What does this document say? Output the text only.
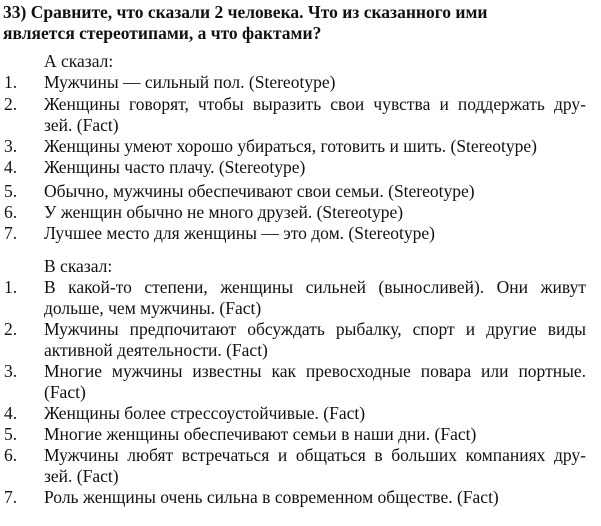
33) Сравните, что сказали 2 человека. Что из сказанного ими
является стереотипами, а что фактами?
А сказал:
1.	Мужчины — сильный пол. (Stereotype)
2.	Женщины говорят, чтобы выразить свои чувства и поддержать дру-
зей. (Fact)
3.	Женщины умеют хорошо убираться, готовить и шить. (Stereotype)
4.	Женщины часто плачу. (Stereotype)
5.	Обычно, мужчины обеспечивают свои семьи. (Stereotype)
6.	У женщин обычно не много друзей. (Stereotype)
7.	Лучшее место для женщины — это дом. (Stereotype)
В сказал:
1.	В какой-то степени, женщины сильней (выносливей). Они живут
дольше, чем мужчины. (Fact)
2.	Мужчины предпочитают обсуждать рыбалку, спорт и другие виды
активной деятельности. (Fact)
3.	Многие мужчины известны как превосходные повара или портные.
(Fact)
4.	Женщины более стрессоустойчивые. (Fact)
5.	Многие женщины обеспечивают семьи в наши дни. (Fact)
6.	Мужчины любят встречаться и общаться в больших компаниях дру-
зей. (Fact)
7.	Роль женщины очень сильна в современном обществе. (Fact)
